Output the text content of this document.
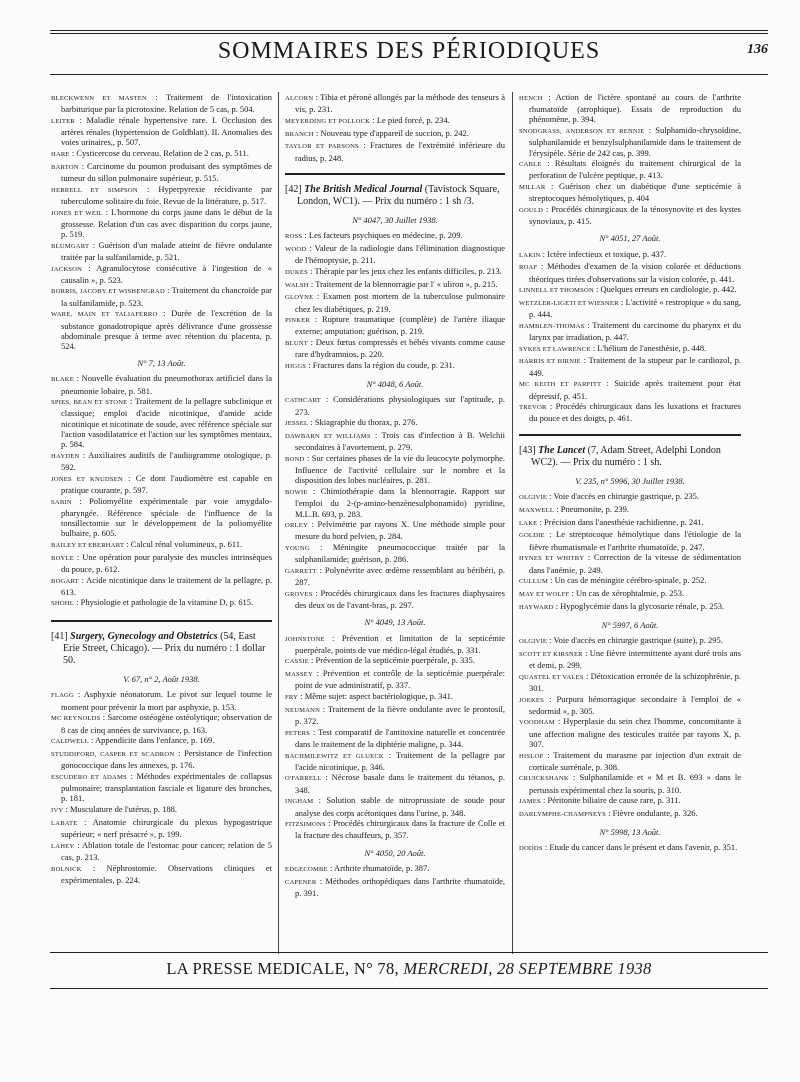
SOMMAIRES DES PÉRIODIQUES	136
BLECKWENN ET MASTEN : Traitement de l'intoxication barbiturique par la picrotoxine. Relation de 5 cas, p. 504.
LEITER : Maladie rénale hypertensive rare. I. Occlusion des artères rénales (hypertension de Goldblatt). II. Anomalies des voies urinaires,, p. 507.
HARE : Cysticercose du cerveau. Relation de 2 cas, p. 511.
BARTON : Carcinome du poumon produisant des symptômes de tumeur du sillon pulmonaire supérieur, p. 515.
HERRELL ET SIMPSON : Hyperpyrexie récidivante par tuberculome solitaire du foie. Revue de la littérature, p. 517.
JONES ET WEIL : L'hormone du corps jaune dans le début de la grossesse. Relation d'un cas avec disparition du corps jaune, p. 519.
BLUMGART : Guérison d'un malade atteint de fièvre ondulante traitée par la sulfanilamide, p. 521.
JACKSON : Agranulocytose consécutive à l'ingestion de « causalin », p. 523.
BORRIS, JACOBY ET WISHENGRAD : Traitement du chancroïde par la sulfanilamide, p. 523.
WARE, MAIN ET TALIAFERRO : Durée de l'excrétion de la substance gonadotropique après délivrance d'une grossesse abdominale presque à terme avec rétention du placenta, p. 524.
N° 7, 13 Août.
BLAKE : Nouvelle évaluation du pneumothorax artificiel dans la pneumonie lobaire, p. 581.
SPIES, BEAN ET STONE : Traitement de la pellagre subclinique et classique; emploi d'acide nicotinique, d'amide acide nicotinique et nicotinate de soude, avec référence spéciale sur l'action vasodilatatrice et l'action sur les symptômes mentaux, p. 584.
HAYDEN : Auxiliaires auditifs de l'audiogramme otologique, p. 592.
JONES ET KNUDSEN : Ce dont l'audiomètre est capable en pratique courante, p. 597.
SABIN : Poliomyélite expérimentale par voie amygdalo-pharyngée. Référence spéciale de l'influence de la tonsillectomie sur le développement de la poliomyélite bulbaire, p. 605.
BAILEY ET EBERHART : Calcul rénal volumineux, p. 611.
BOYLE : Une opération pour paralysie des muscles intrinsèques du pouce, p. 612.
BOGART : Acide nicotinique dans le traitement de la pellagre, p. 613.
SHOHL : Physiologie et pathologie de la vitamine D, p. 615.
[41] Surgery, Gynecology and Obstetrics (54, East Erie Street, Chicago). — Prix du numéro : 1 dollar 50.
V. 67, n° 2, Août 1938.
FLAGG : Asphyxie néonatorum. Le pivot sur lequel tourne le moment pour prévenir la mort par asphyxie, p. 153.
MC REYNOLDS : Sarcome ostéogène ostéolytique; observation de 8 cas de cinq années de survivance, p. 163.
CALDWELL : Appendicite dans l'enfance, p. 169.
STUDDIFORD, CASPER ET SCADRON : Persistance de l'infection gonococcique dans les annexes, p. 176.
ESCUDERO ET ADAMS : Méthodes expérimentales de collapsus pulmonaire; transplantation fasciale et ligature des bronches, p. 181.
IVY : Musculature de l'utérus, p. 188.
LABATE : Anatomie chirurgicale du plexus hypogastrique supérieur; « nerf présacré », p. 199.
LAHEY : Ablation totale de l'estomac pour cancer; relation de 5 cas, p. 213.
BOLNICK : Néphrostomie. Observations cliniques et expérimentales, p. 224.
ALCORN : Tibia et péroné allongés par la méthode des tenseurs à vis, p. 231.
MEYERDING ET POLLOCK : Le pied forcé, p. 234.
BRANCH : Nouveau type d'appareil de succion, p. 242.
TAYLOR ET PARSONS : Fractures de l'extrémité inférieure du radius, p. 248.
[42] The British Medical Journal (Tavistock Square, London, WC1). — Prix du numéro : 1 sh /3.
N° 4047, 30 Juillet 1938.
ROSS : Les facteurs psychiques en médecine, p. 209.
WOOD : Valeur de la radiologie dans l'élimination diagnostique de l'hémoptysie, p. 211.
DUKES : Thérapie par les jeux chez les enfants difficiles, p. 213.
WALSH : Traitement de la blennorragie par l' « uliron », p. 215.
GLOYNE : Examen post mortem de la tuberculose pulmonaire chez les diabétiques, p. 219.
PINKER : Rupture traumatique (complète) de l'artère iliaque externe; amputation; guérison, p. 219.
BLUNT : Deux fœtus compressés et bébés vivants comme cause rare d'hydramnios, p. 220.
HIGGS : Fractures dans la région du coude, p. 231.
N° 4048, 6 Août.
CATHCART : Considérations physiologiques sur l'aptitude, p. 273.
JESSEL : Skiagraphie du thorax, p. 276.
DAWBARN ET WILLIAMS : Trois cas d'infection à B. Welchii secondaires à l'avortement, p. 279.
BOND : Sur certaines phases de la vie du leucocyte polymorphe. Influence de l'activité cellulaire sur le nombre et la disposition des lobes nucléaires, p. 281.
BOWIE : Chimiothérapie dans la blennorragie. Rapport sur l'emploi du 2-(p-amino-benzènesulphonamido) pyridine, M.L.B. 693, p. 283.
ORLEY : Pelvimétrie par rayons X. Une méthode simple pour mesure du bord pelvien, p. 284.
YOUNG : Méningite pneumococcique traitée par la sulphanilamide; guérison, p. 286.
GARRETT : Polynévrite avec œdème ressemblant au béribéri, p. 287.
GROVES : Procédés chirurgicaux dans les fractures diaphysaires des deux os de l'avant-bras, p. 297.
N° 4049, 13 Août.
JOHNSTONE : Prévention et limitation de la septicémie puerpérale, points de vue médico-légal étudiés, p. 331.
CASSIE : Prévention de la septicémie puerpérale, p. 335.
MASSEY : Prévention et contrôle de la septicémie puerpérale: point de vue administratif, p. 337.
FRY : Même sujet: aspect bactériologique, p. 341.
NEUMANN : Traitement de la fièvre ondulante avec le prontosil, p. 372.
PETERS : Test comparatif de l'antitoxine naturelle et concentrée dans le traitement de la diphtérie maligne, p. 344.
BACHMILEWITZ ET GLUECK : Traitement de la pellagre par l'acide nicotinique, p. 346.
O'FARRELL : Nécrose basale dans le traitement du tétanos, p. 348.
INGHAM : Solution stable de nitroprussiate de soude pour analyse des corps acétoniques dans l'urine, p. 348.
FITZSIMONS : Procédés chirurgicaux dans la fracture de Colle et la fracture des chauffeurs, p. 357.
N° 4050, 20 Août.
EDGECOMBE : Arthrite rhumatoïde, p. 387.
CAPENER : Méthodes orthopédiques dans l'arthrite rhumatoïde, p. 391.
HENCH : Action de l'ictère spontané au cours de l'arthrite rhumatoïde (atrophique). Essais de reproduction du phénomène, p. 394.
SNODGRASS, ANDERSON ET RENNIE : Sulphamido-chrysoïdine, sulphanilamide et benzylsulphanilamide dans le traitement de l'érysipèle. Série de 242 cas, p. 399.
CABLE : Résultats éloignés du traitement chirurgical de la perforation de l'ulcère peptique, p. 413.
MILLAR : Guérison chez un diabétique d'une septicémie à streptocoques hémolytiques, p. 404
GOULD : Procédés chirurgicaux de la ténosynovite et des kystes synoviaux, p. 415.
N° 4051, 27 Août.
LAKIN : Ictère infectieux et toxique, p. 437.
ROAF : Méthodes d'examen de la vision colorée et déductions théoriques tirées d'observations sur la vision colorée, p. 441.
LINNELL ET THOMSON : Quelques erreurs en cardiologie, p. 442.
WETZLER-LIGETI ET WIESNER : L'activité « restropique » du sang, p. 444.
HAMBLEN-THOMAS : Traitement du carcinome du pharynx et du larynx par irradiation, p. 447.
SYKES ET LAWRENCE : L'hélium de l'anesthésie, p. 448.
HARRIS ET BIRNIE : Traitement de la stupeur par le cardiozol, p. 449.
MC KEITH ET PARFITT : Suicide après traitement pour état dépressif, p. 451.
TREVOR : Procédés chirurgicaux dans les luxations et fractures du pouce et des doigts, p. 461.
[43] The Lancet (7, Adam Street, Adelphi London WC2). — Prix du numéro : 1 sh.
V. 235, n° 5996, 30 Juillet 1938.
OLGIVIE : Voie d'accès en chirurgie gastrique, p. 235.
MAXWELL : Pneumonite, p. 239.
LAKE : Précision dans l'anesthésie rachidienne, p. 241.
GOLDIE : Le streptocoque hémolytique dans l'étiologie de la fièvre rhumatismale et l'arthrite rhumatoïde, p. 247.
HYNES ET WHITBY : Correction de la vitesse de sédimentation dans l'anémie, p. 249.
CULLUM : Un cas de méningite cérébro-spinale, p. 252.
MAY ET WOLFF : Un cas de xérophtalmie, p. 253.
HAYWARD : Hypoglycémie dans la glycosurie rénale, p. 253.
N° 5997, 6 Août.
OLGIVIE : Voie d'accès en chirurgie gastrique (suite), p. 295.
SCOTT ET KIRSNER : Une fièvre intermittente ayant duré trois ans et demi, p. 299.
QUASTEL ET VALES : Détoxication erronée de la schizophrénie, p. 301.
JOEKES : Purpura hémorragique secondaire à l'emploi de « sedormid », p. 305.
VOODHAM : Hyperplasie du sein chez l'homme, concomitante à une affection maligne des testicules traitée par rayons X, p. 307.
HISLOP : Traitement du marasme par injection d'un extrait de corticale surrénale, p. 308.
CRUICKSHANK : Sulphanilamide et « M et B. 693 » dans le pertussis expérimental chez la souris, p. 310.
JAMES : Péritonite biliaire de cause rare, p. 311.
DARLYMPHE-CHAMPNEYS : Fièvre ondulante, p. 326.
N° 5998, 13 Août.
DODDS : Etude du cancer dans le présent et dans l'avenir, p. 351.
LA PRESSE MEDICALE, N° 78, MERCREDI, 28 SEPTEMBRE 1938
